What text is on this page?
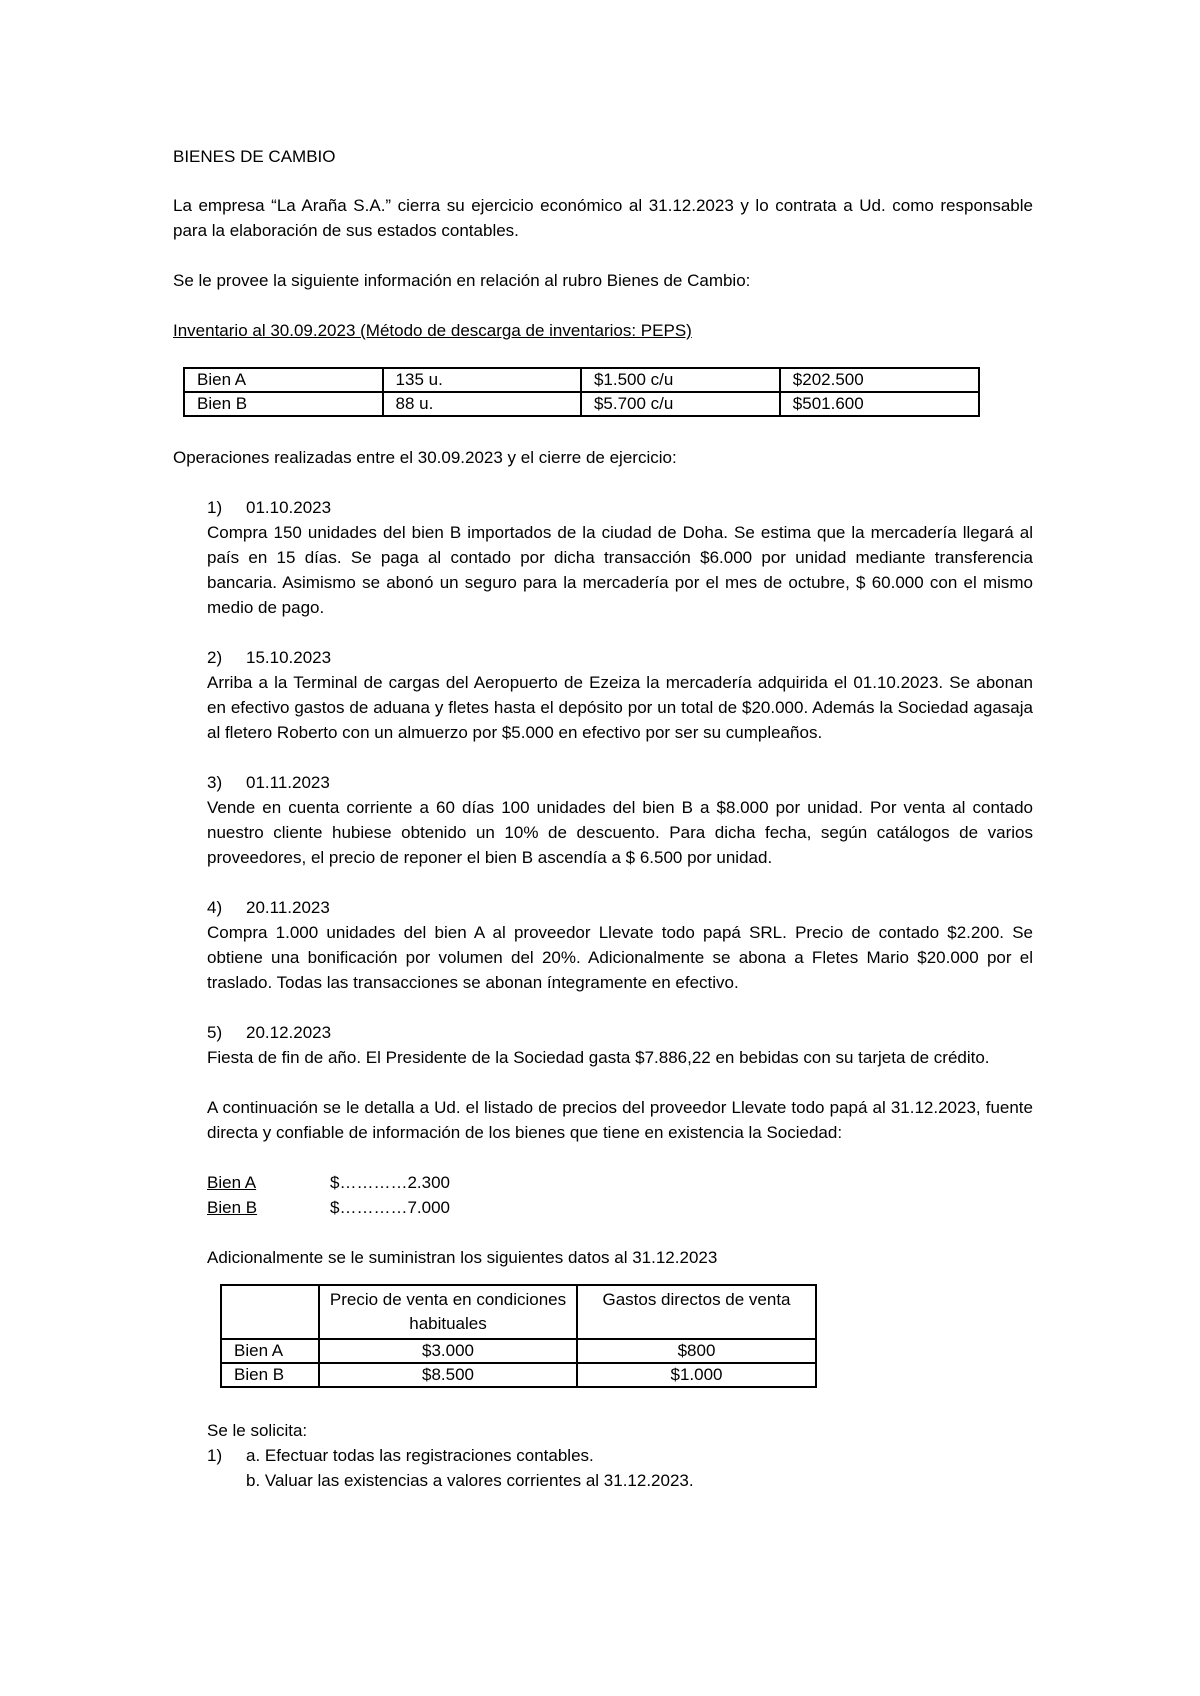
BIENES DE CAMBIO
La empresa “La Araña S.A.” cierra su ejercicio económico al 31.12.2023 y lo contrata a Ud. como responsable para la elaboración de sus estados contables.
Se le provee la siguiente información en relación al rubro Bienes de Cambio:
Inventario al 30.09.2023 (Método de descarga de inventarios: PEPS)
Bien A	135 u.	$1.500 c/u	$202.500
Bien B	88 u.	$5.700 c/u	$501.600
Operaciones realizadas entre el 30.09.2023 y el cierre de ejercicio:
1) 01.10.2023
Compra 150 unidades del bien B importados de la ciudad de Doha. Se estima que la mercadería llegará al país en 15 días. Se paga al contado por dicha transacción $6.000 por unidad mediante transferencia bancaria. Asimismo se abonó un seguro para la mercadería por el mes de octubre, $ 60.000 con el mismo medio de pago.
2) 15.10.2023
Arriba a la Terminal de cargas del Aeropuerto de Ezeiza la mercadería adquirida el 01.10.2023. Se abonan en efectivo gastos de aduana y fletes hasta el depósito por un total de $20.000. Además la Sociedad agasaja al fletero Roberto con un almuerzo por $5.000 en efectivo por ser su cumpleaños.
3) 01.11.2023
Vende en cuenta corriente a 60 días 100 unidades del bien B a $8.000 por unidad. Por venta al contado nuestro cliente hubiese obtenido un 10% de descuento. Para dicha fecha, según catálogos de varios proveedores, el precio de reponer el bien B ascendía a $ 6.500 por unidad.
4) 20.11.2023
Compra 1.000 unidades del bien A al proveedor Llevate todo papá SRL. Precio de contado $2.200. Se obtiene una bonificación por volumen del 20%. Adicionalmente se abona a Fletes Mario $20.000 por el traslado. Todas las transacciones se abonan íntegramente en efectivo.
5) 20.12.2023
Fiesta de fin de año. El Presidente de la Sociedad gasta $7.886,22 en bebidas con su tarjeta de crédito.
A continuación se le detalla a Ud. el listado de precios del proveedor Llevate todo papá al 31.12.2023, fuente directa y confiable de información de los bienes que tiene en existencia la Sociedad:
Bien A	$…………2.300
Bien B	$…………7.000
Adicionalmente se le suministran los siguientes datos al 31.12.2023
	Precio de venta en condiciones habituales	Gastos directos de venta
Bien A	$3.000	$800
Bien B	$8.500	$1.000
Se le solicita:
1) a. Efectuar todas las registraciones contables.
b. Valuar las existencias a valores corrientes al 31.12.2023.
